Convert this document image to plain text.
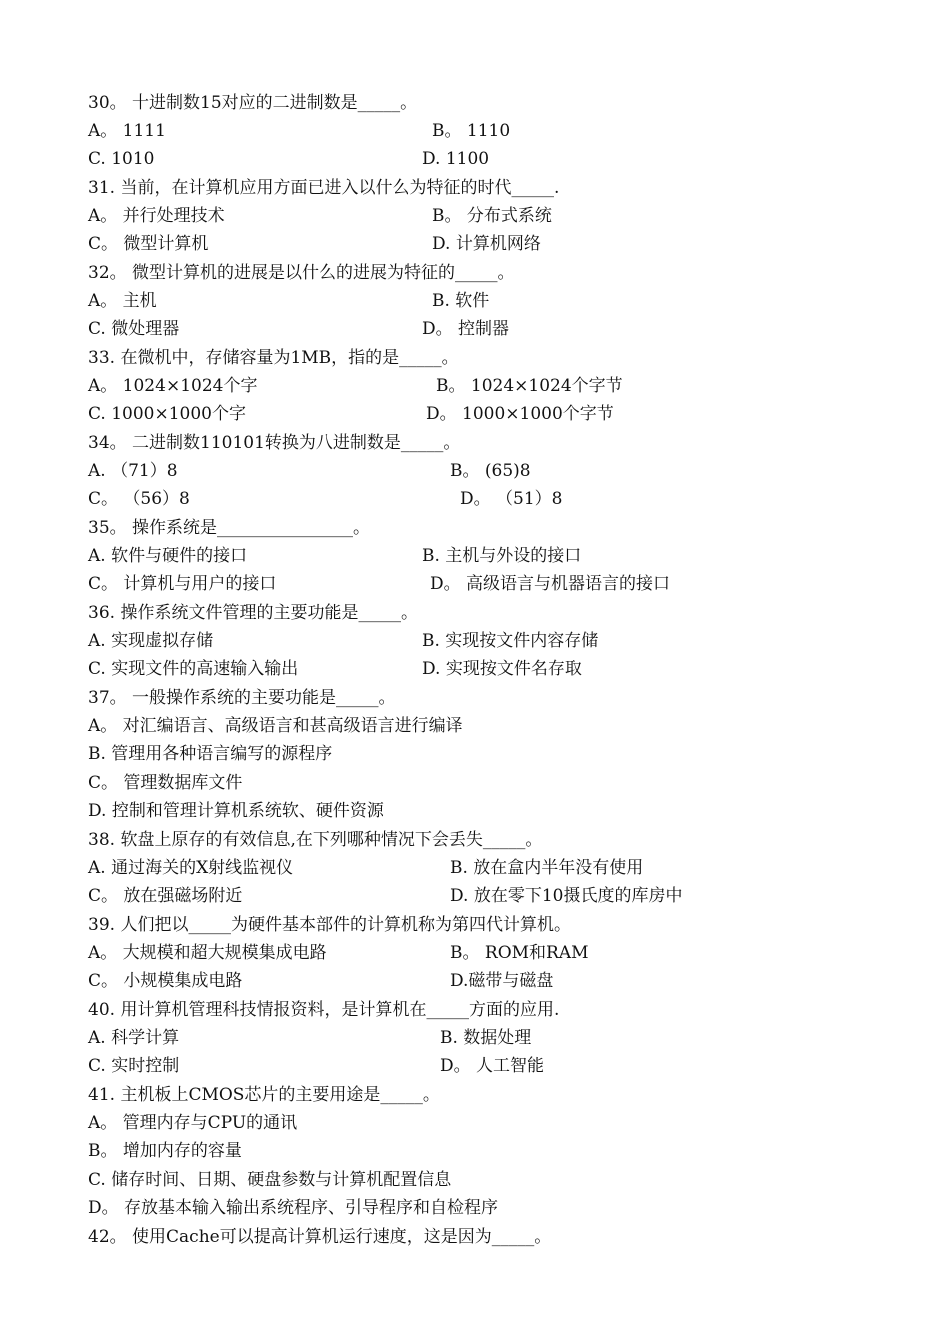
30。 十进制数15对应的二进制数是_____。
A。 1111	B。 1110
C. 1010	D. 1100
31. 当前，在计算机应用方面已进入以什么为特征的时代_____.
A。 并行处理技术	B。 分布式系统
C。 微型计算机	D. 计算机网络
32。 微型计算机的进展是以什么的进展为特征的_____。
A。 主机	B. 软件
C. 微处理器	D。 控制器
33. 在微机中，存储容量为1MB，指的是_____。
A。 1024×1024个字	B。 1024×1024个字节
C. 1000×1000个字	D。 1000×1000个字节
34。 二进制数110101转换为八进制数是_____。
A. （71）8	B。 (65)8
C。 （56）8	D。 （51）8
35。 操作系统是________________。
A. 软件与硬件的接口	B. 主机与外设的接口
C。 计算机与用户的接口	D。 高级语言与机器语言的接口
36. 操作系统文件管理的主要功能是_____。
A. 实现虚拟存储	B. 实现按文件内容存储
C. 实现文件的高速输入输出	D. 实现按文件名存取
37。 一般操作系统的主要功能是_____。
A。 对汇编语言、高级语言和甚高级语言进行编译
B. 管理用各种语言编写的源程序
C。 管理数据库文件
D. 控制和管理计算机系统软、硬件资源
38. 软盘上原存的有效信息,在下列哪种情况下会丢失_____。
A. 通过海关的X射线监视仪	B. 放在盒内半年没有使用
C。 放在强磁场附近	D. 放在零下10摄氏度的库房中
39. 人们把以_____为硬件基本部件的计算机称为第四代计算机。
A。 大规模和超大规模集成电路	B。 ROM和RAM
C。 小规模集成电路	D.磁带与磁盘
40. 用计算机管理科技情报资料，是计算机在_____方面的应用.
A. 科学计算	B. 数据处理
C. 实时控制	D。 人工智能
41. 主机板上CMOS芯片的主要用途是_____。
A。 管理内存与CPU的通讯
B。 增加内存的容量
C. 储存时间、日期、硬盘参数与计算机配置信息
D。 存放基本输入输出系统程序、引导程序和自检程序
42。 使用Cache可以提高计算机运行速度，这是因为_____。
